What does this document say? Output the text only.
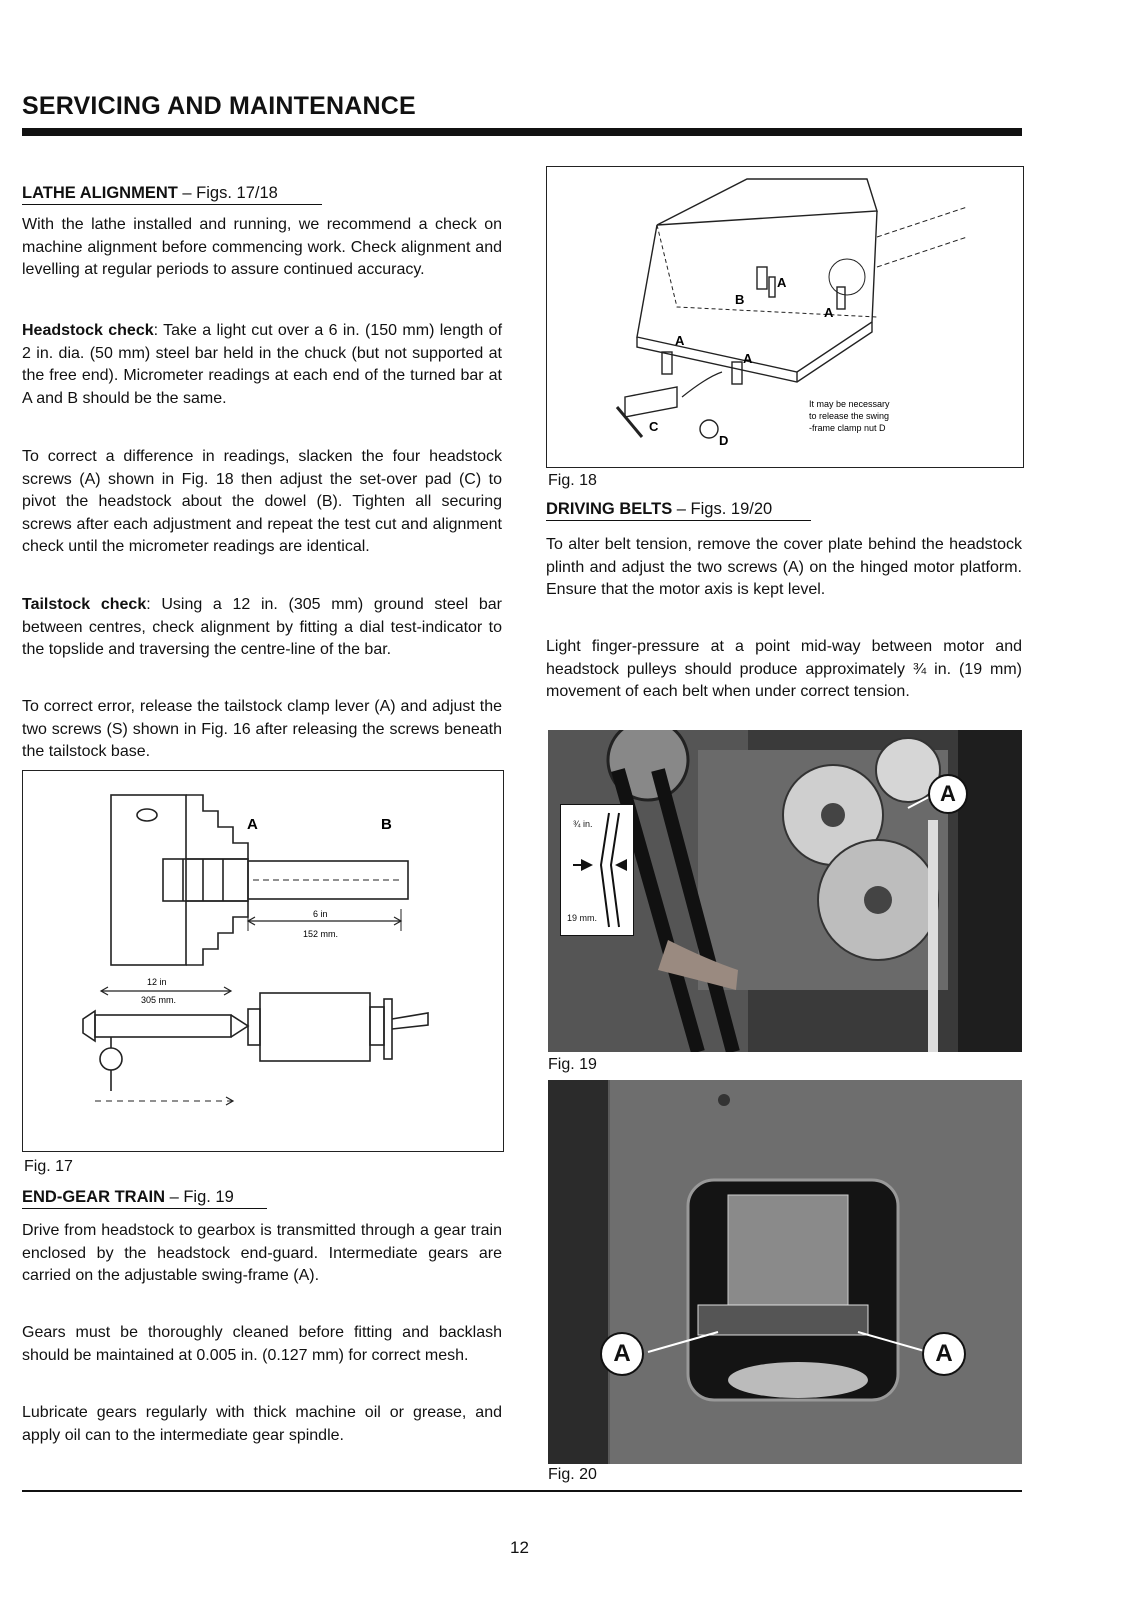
SERVICING AND MAINTENANCE
LATHE ALIGNMENT – Figs. 17/18
With the lathe installed and running, we recommend a check on machine alignment before commencing work. Check alignment and levelling at regular periods to assure continued accuracy.
Headstock check: Take a light cut over a 6 in. (150 mm) length of 2 in. dia. (50 mm) steel bar held in the chuck (but not supported at the free end). Micrometer readings at each end of the turned bar at A and B should be the same.
To correct a difference in readings, slacken the four headstock screws (A) shown in Fig. 18 then adjust the set-over pad (C) to pivot the headstock about the dowel (B). Tighten all securing screws after each adjustment and repeat the test cut and alignment check until the micrometer readings are identical.
Tailstock check: Using a 12 in. (305 mm) ground steel bar between centres, check alignment by fitting a dial test-indicator to the topslide and traversing the centre-line of the bar.
To correct error, release the tailstock clamp lever (A) and adjust the two screws (S) shown in Fig. 16 after releasing the screws beneath the tailstock base.
A	B
6 in
152 mm.
12 in
305 mm.
Fig. 17
END-GEAR TRAIN – Fig. 19
Drive from headstock to gearbox is transmitted through a gear train enclosed by the headstock end-guard. Intermediate gears are carried on the adjustable swing-frame (A).
Gears must be thoroughly cleaned before fitting and backlash should be maintained at 0.005 in. (0.127 mm) for correct mesh.
Lubricate gears regularly with thick machine oil or grease, and apply oil can to the intermediate gear spindle.
B
A
A
A
A
C
D
It may be necessary
to release the swing
-frame clamp nut D
Fig. 18
DRIVING BELTS – Figs. 19/20
To alter belt tension, remove the cover plate behind the headstock plinth and adjust the two screws (A) on the hinged motor platform. Ensure that the motor axis is kept level.
Light finger-pressure at a point mid-way between motor and headstock pulleys should produce approximately ¾ in. (19 mm) movement of each belt when under correct tension.
A
¾ in.
19 mm.
Fig. 19
A	A
Fig. 20
12
